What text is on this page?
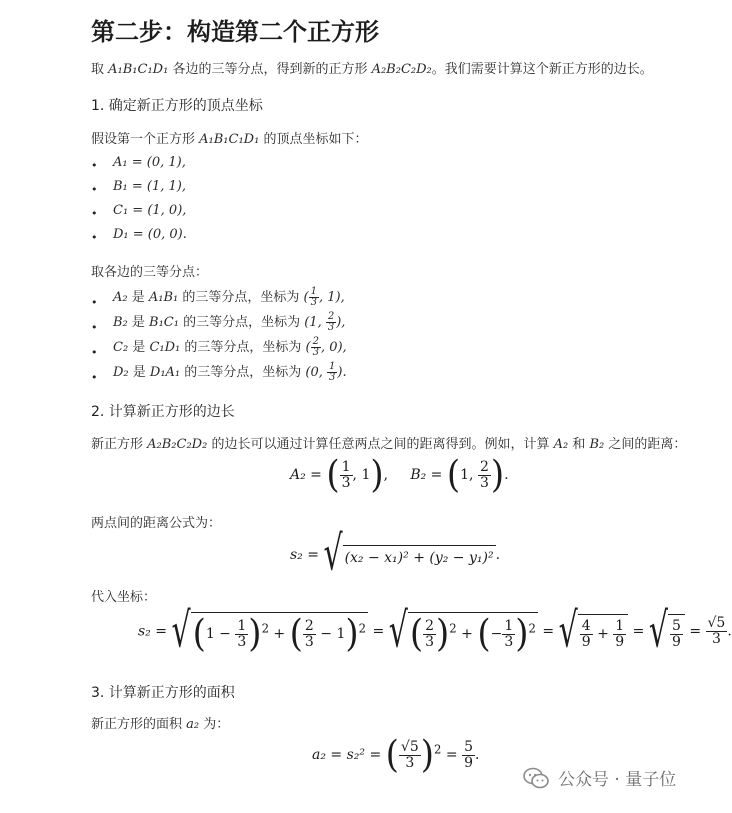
第二步：构造第二个正方形
取 A₁B₁C₁D₁ 各边的三等分点，得到新的正方形 A₂B₂C₂D₂。我们需要计算这个新正方形的边长。
1. 确定新正方形的顶点坐标
假设第一个正方形 A₁B₁C₁D₁ 的顶点坐标如下：
• A₁ = (0, 1),
• B₁ = (1, 1),
• C₁ = (1, 0),
• D₁ = (0, 0).
取各边的三等分点：
• A₂ 是 A₁B₁ 的三等分点，坐标为 ( $\frac{1}{3}$ , 1),
• B₂ 是 B₁C₁ 的三等分点，坐标为 (1, $\frac{2}{3}$ ),
• C₂ 是 C₁D₁ 的三等分点，坐标为 ( $\frac{2}{3}$ , 0),
• D₂ 是 D₁A₁ 的三等分点，坐标为 (0, $\frac{1}{3}$ ).
2. 计算新正方形的边长
新正方形 A₂B₂C₂D₂ 的边长可以通过计算任意两点之间的距离得到。例如，计算 A₂ 和 B₂ 之间的距离：
A₂ = ( $\frac{1}{3}$ , 1),     B₂ = (1, $\frac{2}{3}$ ).
两点间的距离公式为：
s₂ = √ (x₂ − x₁)² + (y₂ − y₁)² .
代入坐标：
$s_2 = √(1 - \frac{1}{3} )^2$ + ( $\frac{2}{3} - 1)^2$ = √( $\frac{2}{3} )^2$ + (− $\frac{1}{3} )^2$ = √ $\frac{4}{9} + \frac{1}{9}$ = √ $\frac{5}{9} = \frac{√5}{3}$ .
3. 计算新正方形的面积
新正方形的面积 a₂ 为：
a₂ = s₂² = ( $\frac{√5}{3} )^2 = \frac{5}{9}$ .
公众号 · 量子位
